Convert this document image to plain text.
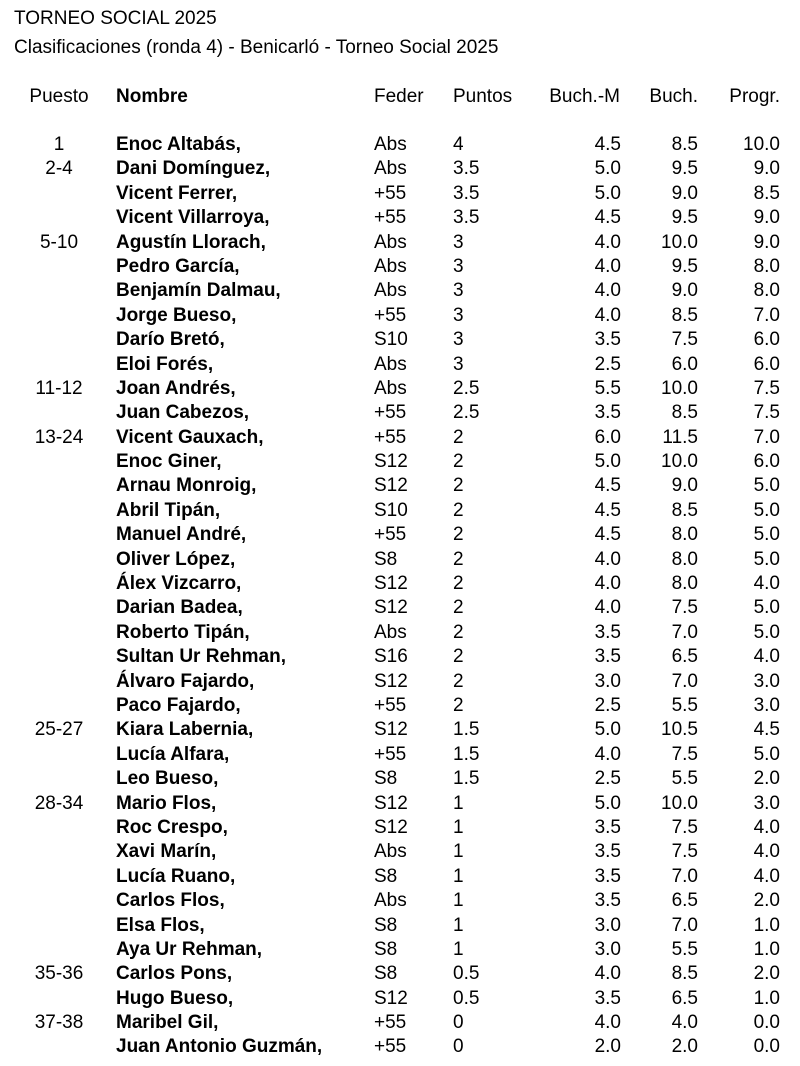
TORNEO SOCIAL 2025
Clasificaciones (ronda 4) - Benicarló - Torneo Social 2025
Puesto	Nombre	Feder	Puntos	Buch.-M	Buch.	Progr.
1	Enoc Altabás,	Abs	4	4.5	8.5	10.0
2-4	Dani Domínguez,	Abs	3.5	5.0	9.5	9.0
Vicent Ferrer,	+55	3.5	5.0	9.0	8.5
Vicent Villarroya,	+55	3.5	4.5	9.5	9.0
5-10	Agustín Llorach,	Abs	3	4.0	10.0	9.0
Pedro García,	Abs	3	4.0	9.5	8.0
Benjamín Dalmau,	Abs	3	4.0	9.0	8.0
Jorge Bueso,	+55	3	4.0	8.5	7.0
Darío Bretó,	S10	3	3.5	7.5	6.0
Eloi Forés,	Abs	3	2.5	6.0	6.0
11-12	Joan Andrés,	Abs	2.5	5.5	10.0	7.5
Juan Cabezos,	+55	2.5	3.5	8.5	7.5
13-24	Vicent Gauxach,	+55	2	6.0	11.5	7.0
Enoc Giner,	S12	2	5.0	10.0	6.0
Arnau Monroig,	S12	2	4.5	9.0	5.0
Abril Tipán,	S10	2	4.5	8.5	5.0
Manuel André,	+55	2	4.5	8.0	5.0
Oliver López,	S8	2	4.0	8.0	5.0
Álex Vizcarro,	S12	2	4.0	8.0	4.0
Darian Badea,	S12	2	4.0	7.5	5.0
Roberto Tipán,	Abs	2	3.5	7.0	5.0
Sultan Ur Rehman,	S16	2	3.5	6.5	4.0
Álvaro Fajardo,	S12	2	3.0	7.0	3.0
Paco Fajardo,	+55	2	2.5	5.5	3.0
25-27	Kiara Labernia,	S12	1.5	5.0	10.5	4.5
Lucía Alfara,	+55	1.5	4.0	7.5	5.0
Leo Bueso,	S8	1.5	2.5	5.5	2.0
28-34	Mario Flos,	S12	1	5.0	10.0	3.0
Roc Crespo,	S12	1	3.5	7.5	4.0
Xavi Marín,	Abs	1	3.5	7.5	4.0
Lucía Ruano,	S8	1	3.5	7.0	4.0
Carlos Flos,	Abs	1	3.5	6.5	2.0
Elsa Flos,	S8	1	3.0	7.0	1.0
Aya Ur Rehman,	S8	1	3.0	5.5	1.0
35-36	Carlos Pons,	S8	0.5	4.0	8.5	2.0
Hugo Bueso,	S12	0.5	3.5	6.5	1.0
37-38	Maribel Gil,	+55	0	4.0	4.0	0.0
Juan Antonio Guzmán,	+55	0	2.0	2.0	0.0
